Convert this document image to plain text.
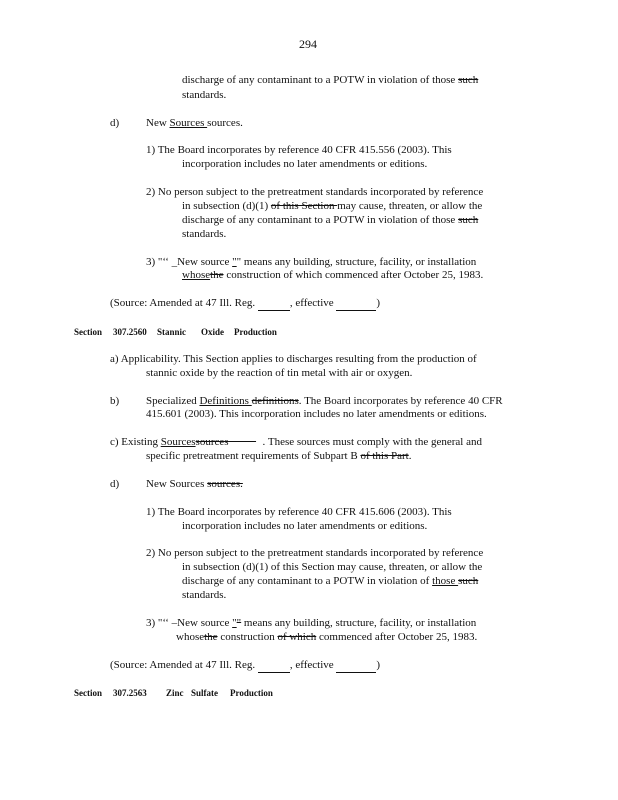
294
discharge of any contaminant to a POTW in violation of those such
standards.
d) New Sources sources.
1) The Board incorporates by reference 40 CFR 415.556 (2003). This
incorporation includes no later amendments or editions.
2) No person subject to the pretreatment standards incorporated by reference
in subsection (d)(1) of this Section may cause, threaten, or allow the
discharge of any contaminant to a POTW in violation of those such
standards.
3) "‘‘ _New source "" means any building, structure, facility, or installation
whosethe construction of which commenced after October 25, 1983.
(Source: Amended at 47 Ill. Reg.	, effective	)
Section 307.2560 Stannic Oxide Production
a) Applicability. This Section applies to discharges resulting from the production of
stannic oxide by the reaction of tin metal with air or oxygen.
b) Specialized Definitions definitions. The Board incorporates by reference 40 CFR
415.601 (2003). This incorporation includes no later amendments or editions.
c) Existing Sourcessources	. These sources must comply with the general and
specific pretreatment requirements of Subpart B of this Part.
d) New Sources sources.
1) The Board incorporates by reference 40 CFR 415.606 (2003). This
incorporation includes no later amendments or editions.
2) No person subject to the pretreatment standards incorporated by reference
in subsection (d)(1) of this Section may cause, threaten, or allow the
discharge of any contaminant to a POTW in violation of those such
standards.
3) "‘‘ –New source "" means any building, structure, facility, or installation
whosethe construction of which commenced after October 25, 1983.
(Source: Amended at 47 Ill. Reg.	, effective	)
Section 307.2563 Zinc Sulfate Production
